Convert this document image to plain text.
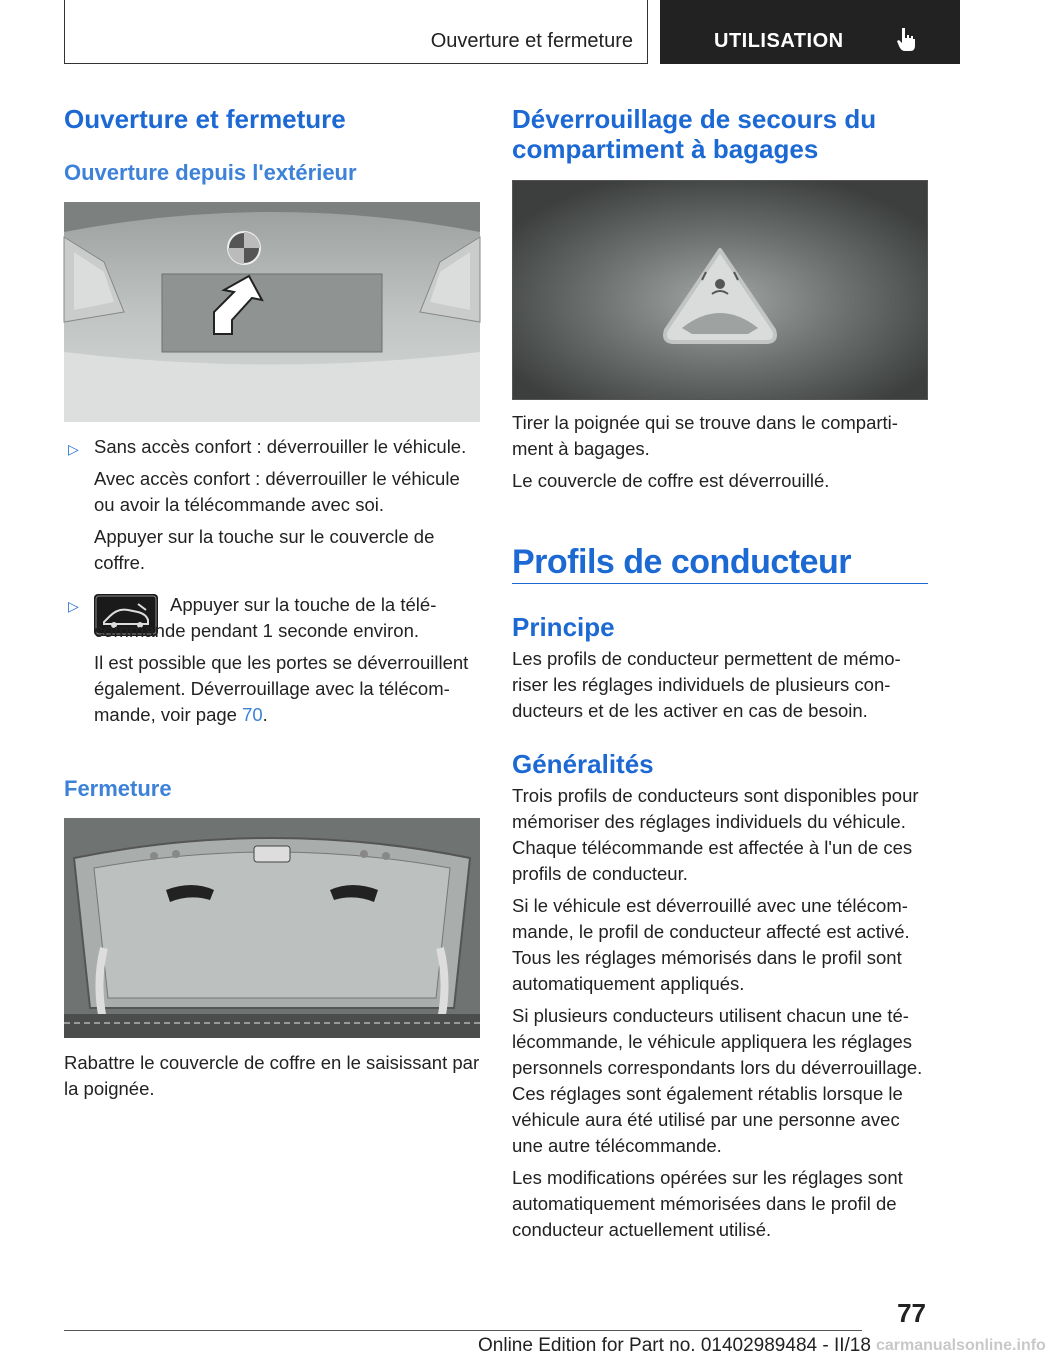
Ouverture et fermeture	UTILISATION
Ouverture et fermeture
Ouverture depuis l'extérieur
▷ Sans accès confort : déverrouiller le véhicule.

Avec accès confort : déverrouiller le véhicule ou avoir la télécommande avec soi.

Appuyer sur la touche sur le couvercle de coffre.

▷	Appuyer sur la touche de la télécommande pendant 1 seconde environ.

Il est possible que les portes se déverrouillent également. Déverrouillage avec la télécommande, voir page 70.

Fermeture

Rabattre le couvercle de coffre en le saisissant par la poignée.

Déverrouillage de secours du compartiment à bagages

Tirer la poignée qui se trouve dans le compartiment à bagages.

Le couvercle de coffre est déverrouillé.

Profils de conducteur
Principe

Les profils de conducteur permettent de mémoriser les réglages individuels de plusieurs conducteurs et de les activer en cas de besoin.

Généralités

Trois profils de conducteurs sont disponibles pour mémoriser des réglages individuels du véhicule. Chaque télécommande est affectée à l'un de ces profils de conducteur.

Si le véhicule est déverrouillé avec une télécommande, le profil de conducteur affecté est activé. Tous les réglages mémorisés dans le profil sont automatiquement appliqués.

Si plusieurs conducteurs utilisent chacun une télécommande, le véhicule appliquera les réglages personnels correspondants lors du déverrouillage. Ces réglages sont également rétablis lorsque le véhicule aura été utilisé par une personne avec une autre télécommande.

Les modifications opérées sur les réglages sont automatiquement mémorisées dans le profil de conducteur actuellement utilisé.

77
Online Edition for Part no. 01402989484 - II/18 carmanualsonline.info
